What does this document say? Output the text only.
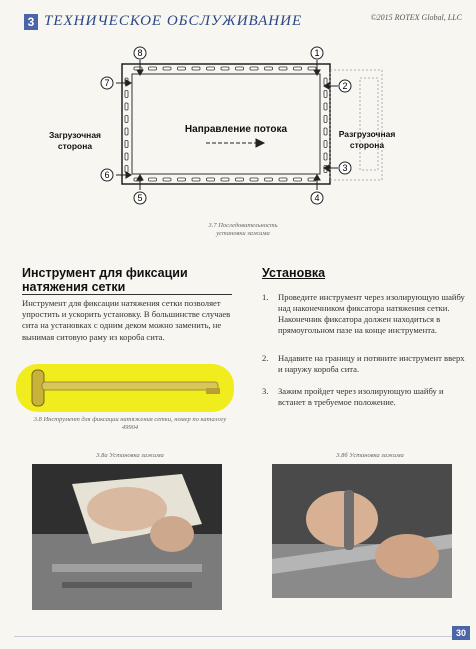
3 ТЕХНИЧЕСКОЕ ОБСЛУЖИВАНИЕ	©2015 ROTEX Global, LLC
1
8
4
5
7
6
2
3
Направление потока
Загрузочная
сторона
Разгрузочная
сторона
3.7 Последовательность
установки зажима
Инструмент для фиксации натяжения сетки
Инструмент для фиксации натяжения сетки позволяет упростить и ускорить установку. В большинстве случаев сита на установках с одним деком можно заменить, не вынимая ситовую раму из короба сита.
Установка
1. Проведите инструмент через изолирующую шайбу над наконечником фиксатора натяжения сетки. Наконечник фиксатора должен находиться в прямоугольном пазе на конце инструмента.
2. Надавите на границу и потяните инструмент вверх и наружу короба сита.
3. Зажим пройдет через изолирующую шайбу и встанет в требуемое положение.
3.8 Инструмент для фиксации натяжения сетки, номер по каталогу 49904
3.8а Установка зажима	3.8б Установка зажима
30
